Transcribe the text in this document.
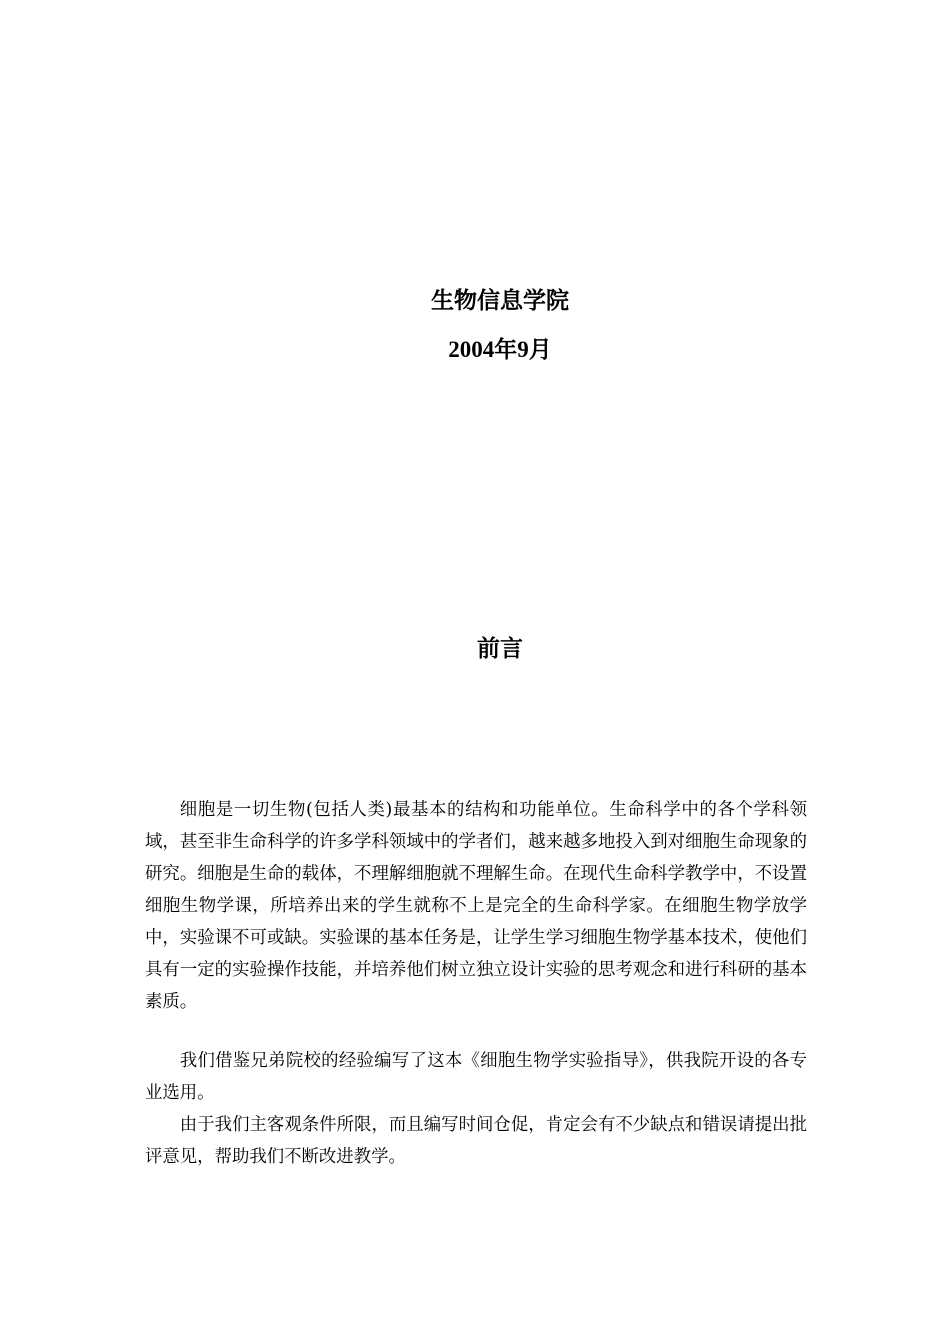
生物信息学院
2004年9月
前言

细胞是一切生物(包括人类)最基本的结构和功能单位。生命科学中的各个学科领域，甚至非生命科学的许多学科领域中的学者们，越来越多地投入到对细胞生命现象的研究。细胞是生命的载体，不理解细胞就不理解生命。在现代生命科学教学中，不设置细胞生物学课，所培养出来的学生就称不上是完全的生命科学家。在细胞生物学放学中，实验课不可或缺。实验课的基本任务是，让学生学习细胞生物学基本技术，使他们具有一定的实验操作技能，并培养他们树立独立设计实验的思考观念和进行科研的基本素质。

我们借鉴兄弟院校的经验编写了这本《细胞生物学实验指导》，供我院开设的各专业选用。

由于我们主客观条件所限，而且编写时间仓促，肯定会有不少缺点和错误请提出批评意见，帮助我们不断改进教学。
